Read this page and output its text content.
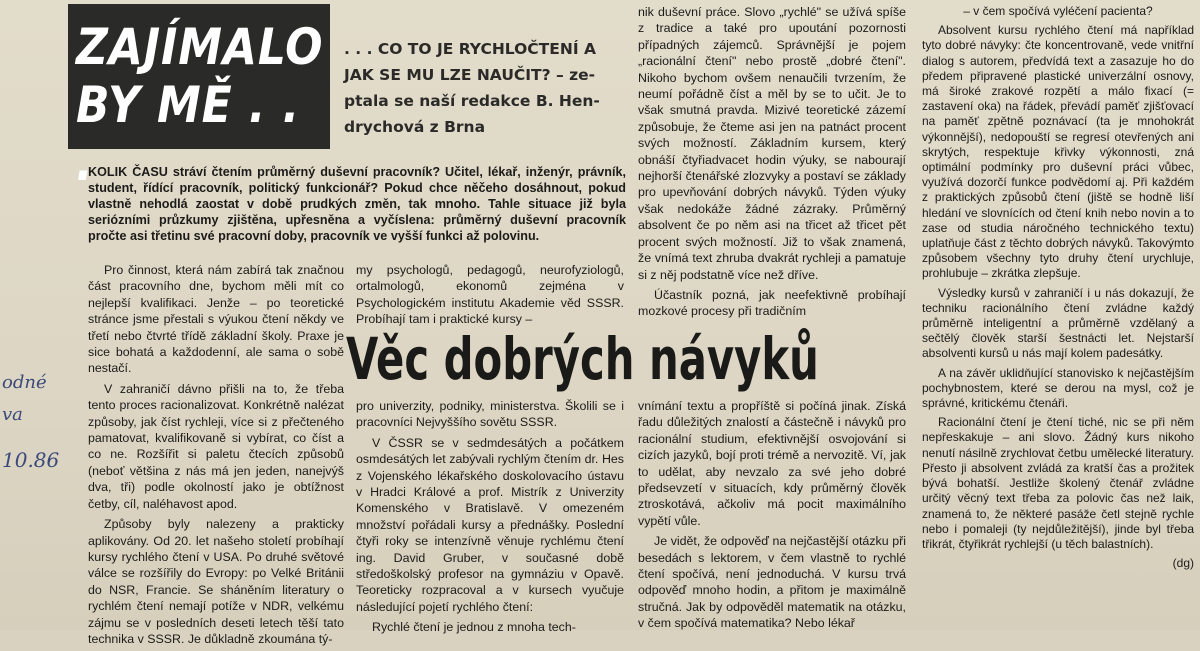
ZAJÍMALO
BY MĚ . . .
. . . CO TO JE RYCHLOČTENÍ A
JAK SE MU LZE NAUČIT? – ze-
ptala se naší redakce B. Hen-
drychová z Brna

KOLIK ČASU stráví čtením průměrný duševní pracovník? Učitel, lékař, inženýr, právník, student, řídící pracovník, politický funkcionář? Pokud chce něčeho dosáhnout, pokud vlastně nehodlá zaostat v době prudkých změn, tak mnoho. Tahle situace již byla seriózními průzkumy zjištěna, upřesněna a vyčíslena: průměrný duševní pracovník pročte asi třetinu své pracovní doby, pracovník ve vyšší funkci až polovinu.

Pro činnost, která nám zabírá tak značnou část pracovního dne, bychom měli mít co nejlepší kvalifikaci. Jenže – po teoretické stránce jsme přestali s výukou čtení někdy ve třetí nebo čtvrté třídě základní školy. Praxe je sice bohatá a každodenní, ale sama o sobě nestačí.

V zahraničí dávno přišli na to, že třeba tento proces racionalizovat. Konkrétně nalézat způsoby, jak číst rychleji, více si z přečteného pamatovat, kvalifikovaně si vybírat, co číst a co ne. Rozšířit si paletu čtecích způsobů (neboť většina z nás má jen jeden, nanejvýš dva, tři) podle okolností jako je obtížnost četby, cíl, naléhavost apod.

Způsoby byly nalezeny a prakticky aplikovány. Od 20. let našeho století probíhají kursy rychlého čtení v USA. Po druhé světové válce se rozšířily do Evropy: po Velké Británii do NSR, Francie. Se sháněním literatury o rychlém čtení nemají potíže v NDR, velkému zájmu se v posledních deseti letech těší tato technika v SSSR. Je důkladně zkoumána tý-

my psychologů, pedagogů, neurofyziologů, ortalmologů, ekonomů zejména v Psychologickém institutu Akademie věd SSSR. Probíhají tam i praktické kursy –

Věc dobrých návyků

pro univerzity, podniky, ministerstva. Školili se i pracovníci Nejvyššího sovětu SSSR.

V ČSSR se v sedmdesátých a počátkem osmdesátých let zabývali rychlým čtením dr. Hes z Vojenského lékařského doskolovacího ústavu v Hradci Králové a prof. Mistrík z Univerzity Komenského v Bratislavě. V omezeném množství pořádali kursy a přednášky. Poslední čtyři roky se intenzívně věnuje rychlému čtení ing. David Gruber, v současné době středoškolský profesor na gymnáziu v Opavě. Teoreticky rozpracoval a v kursech vyučuje následující pojetí rychlého čtení:

Rychlé čtení je jednou z mnoha tech-

nik duševní práce. Slovo „rychlé" se užívá spíše z tradice a také pro upoutání pozornosti případných zájemců. Správnější je pojem „racionální čtení" nebo prostě „dobré čtení". Nikoho bychom ovšem nenaučili tvrzením, že neumí pořádně číst a měl by se to učit. Je to však smutná pravda. Mizivé teoretické zázemí způsobuje, že čteme asi jen na patnáct procent svých možností. Základním kursem, který obnáší čtyřiadvacet hodin výuky, se nabourají nejhorší čtenářské zlozvyky a postaví se základy pro upevňování dobrých návyků. Týden výuky však nedokáže žádné zázraky. Průměrný absolvent če po něm asi na třicet až třicet pět procent svých možností. Již to však znamená, že vnímá text zhruba dvakrát rychleji a pamatuje si z něj podstatně více než dříve.

Účastník pozná, jak neefektivně probíhají mozkové procesy při tradičním

vnímání textu a propříště si počíná jinak. Získá řadu důležitých znalostí a částečně i návyků pro racionální studium, efektivnější osvojování si cizích jazyků, bojí proti trémě a nervozitě. Ví, jak to udělat, aby nevzalo za své jeho dobré předsevzetí v situacích, kdy průměrný člověk ztroskotává, ačkoliv má pocit maximálního vypětí vůle.

Je vidět, že odpověď na nejčastější otázku při besedách s lektorem, v čem vlastně to rychlé čtení spočívá, není jednoduchá. V kursu trvá odpověď mnoho hodin, a přitom je maximálně stručná. Jak by odpověděl matematik na otázku, v čem spočívá matematika? Nebo lékař

– v čem spočívá vyléčení pacienta?

Absolvent kursu rychlého čtení má například tyto dobré návyky: čte koncentrovaně, vede vnitřní dialog s autorem, předvídá text a zasazuje ho do předem připravené plastické univerzální osnovy, má široké zrakové rozpětí a málo fixací (= zastavení oka) na řádek, převádí paměť zjišťovací na paměť zpětně poznávací (ta je mnohokrát výkonnější), nedopouští se regresí otevřených ani skrytých, respektuje křivky výkonnosti, zná optimální podmínky pro duševní práci vůbec, využívá dozorčí funkce podvědomí aj. Při každém z praktických způsobů čtení (jiště se hodně liší hledání ve slovnících od čtení knih nebo novin a to zase od studia náročného technického textu) uplatňuje část z těchto dobrých návyků. Takovýmto způsobem všechny tyto druhy čtení urychluje, prohlubuje – zkrátka zlepšuje.

Výsledky kursů v zahraničí i u nás dokazují, že techniku racionálního čtení zvládne každý průměrně inteligentní a průměrně vzdělaný a sečtělý člověk starší šestnácti let. Nejstarší absolventi kursů u nás mají kolem padesátky.

A na závěr uklidňující stanovisko k nejčastějším pochybnostem, které se derou na mysl, což je správné, kritickému čtenáři.

Racionální čtení je čtení tiché, nic se při něm nepřeskakuje – ani slovo. Žádný kurs nikoho nenutí násilně zrychlovat četbu umělecké literatury. Přesto ji absolvent zvládá za kratší čas a prožitek bývá bohatší. Jestliže školený čtenář zvládne určitý věcný text třeba za polovic čas než laik, znamená to, že některé pasáže četl stejně rychle nebo i pomaleji (ty nejdůležitější), jinde byl třeba třikrát, čtyřikrát rychlejší (u těch balastních).

(dg)

odné
va
10.86
